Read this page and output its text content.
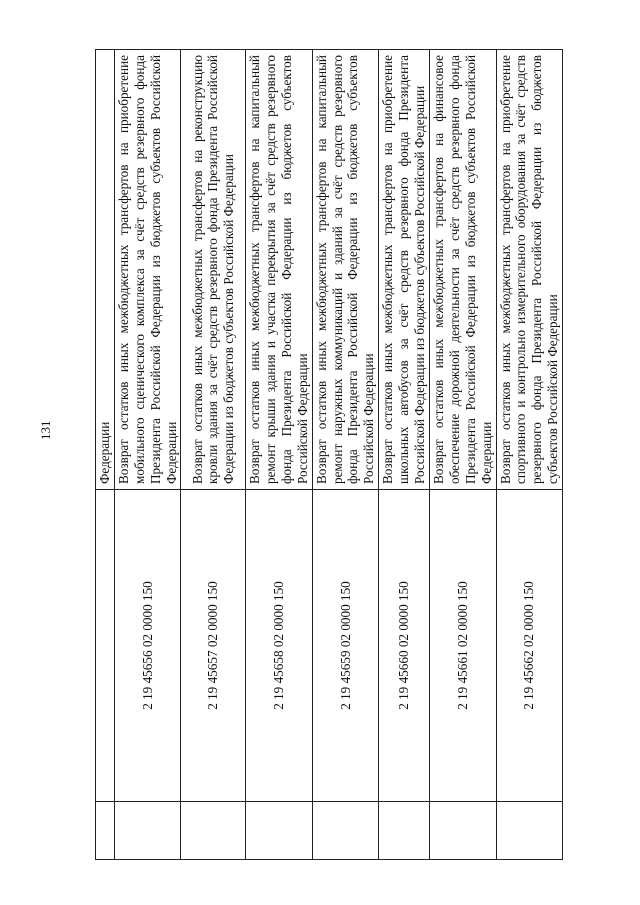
131
			Федерации
	2 19 45656 02 0000 150	Возврат остатков иных межбюджетных трансфертов на приобретение мобильного сценического комплекса за счёт средств резервного фонда Президента Российской Федерации из бюджетов субъектов Российской Федерации
	2 19 45657 02 0000 150	Возврат остатков иных межбюджетных трансфертов на реконструкцию кровли здания за счёт средств резервного фонда Президента Российской Федерации из бюджетов субъектов Российской Федерации
	2 19 45658 02 0000 150	Возврат остатков иных межбюджетных трансфертов на капитальный ремонт крыши здания и участка перекрытия за счёт средств резервного фонда Президента Российской Федерации из бюджетов субъектов Российской Федерации
	2 19 45659 02 0000 150	Возврат остатков иных межбюджетных трансфертов на капитальный ремонт наружных коммуникаций и зданий за счёт средств резервного фонда Президента Российской Федерации из бюджетов субъектов Российской Федерации
	2 19 45660 02 0000 150	Возврат остатков иных межбюджетных трансфертов на приобретение школьных автобусов за счёт средств резервного фонда Президента Российской Федерации из бюджетов субъектов Российской Федерации
	2 19 45661 02 0000 150	Возврат остатков иных межбюджетных трансфертов на финансовое обеспечение дорожной деятельности за счёт средств резервного фонда Президента Российской Федерации из бюджетов субъектов Российской Федерации
	2 19 45662 02 0000 150	Возврат остатков иных межбюджетных трансфертов на приобретение спортивного и контрольно измерительного оборудования за счёт средств резервного фонда Президента Российской Федерации из бюджетов субъектов Российской Федерации
